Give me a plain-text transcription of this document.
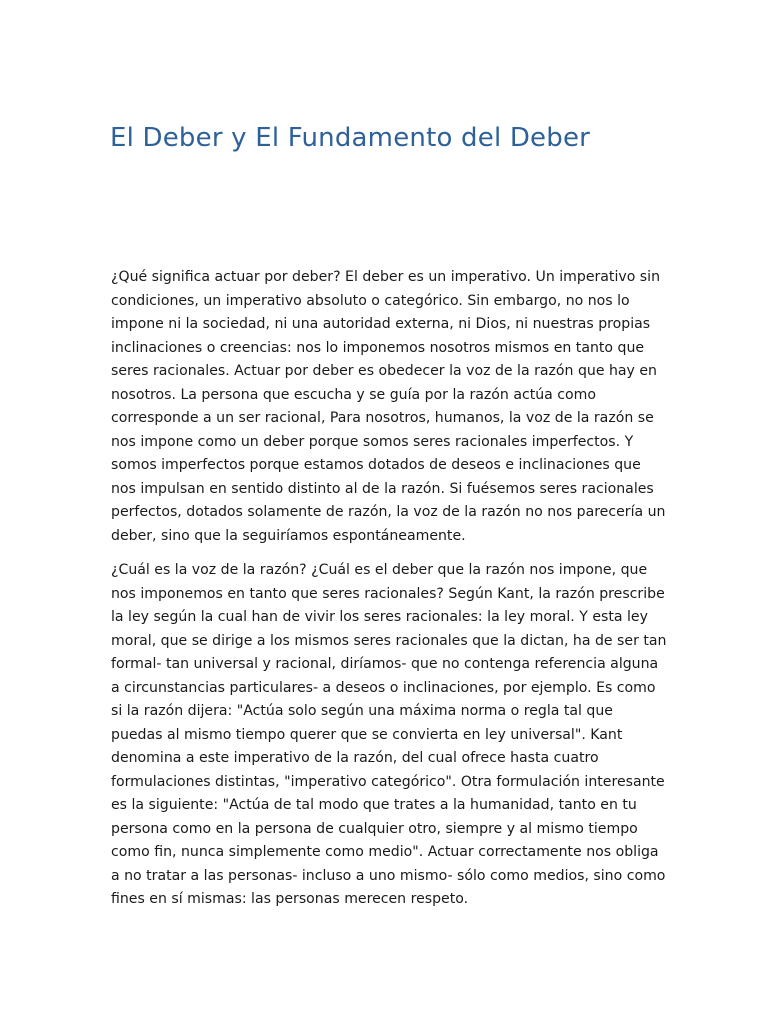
El Deber y El Fundamento del Deber

¿Qué significa actuar por deber? El deber es un imperativo. Un imperativo sin condiciones, un imperativo absoluto o categórico. Sin embargo, no nos lo impone ni la sociedad, ni una autoridad externa, ni Dios, ni nuestras propias inclinaciones o creencias: nos lo imponemos nosotros mismos en tanto que seres racionales. Actuar por deber es obedecer la voz de la razón que hay en nosotros. La persona que escucha y se guía por la razón actúa como corresponde a un ser racional, Para nosotros, humanos, la voz de la razón se nos impone como un deber porque somos seres racionales imperfectos. Y somos imperfectos porque estamos dotados de deseos e inclinaciones que nos impulsan en sentido distinto al de la razón. Si fuésemos seres racionales perfectos, dotados solamente de razón, la voz de la razón no nos parecería un deber, sino que la seguiríamos espontáneamente.

¿Cuál es la voz de la razón? ¿Cuál es el deber que la razón nos impone, que nos imponemos en tanto que seres racionales? Según Kant, la razón prescribe la ley según la cual han de vivir los seres racionales: la ley moral. Y esta ley moral, que se dirige a los mismos seres racionales que la dictan, ha de ser tan formal- tan universal y racional, diríamos- que no contenga referencia alguna a circunstancias particulares- a deseos o inclinaciones, por ejemplo. Es como si la razón dijera: "Actúa solo según una máxima norma o regla tal que puedas al mismo tiempo querer que se convierta en ley universal". Kant denomina a este imperativo de la razón, del cual ofrece hasta cuatro formulaciones distintas, "imperativo categórico". Otra formulación interesante es la siguiente: "Actúa de tal modo que trates a la humanidad, tanto en tu persona como en la persona de cualquier otro, siempre y al mismo tiempo como fin, nunca simplemente como medio". Actuar correctamente nos obliga a no tratar a las personas- incluso a uno mismo- sólo como medios, sino como fines en sí mismas: las personas merecen respeto.
